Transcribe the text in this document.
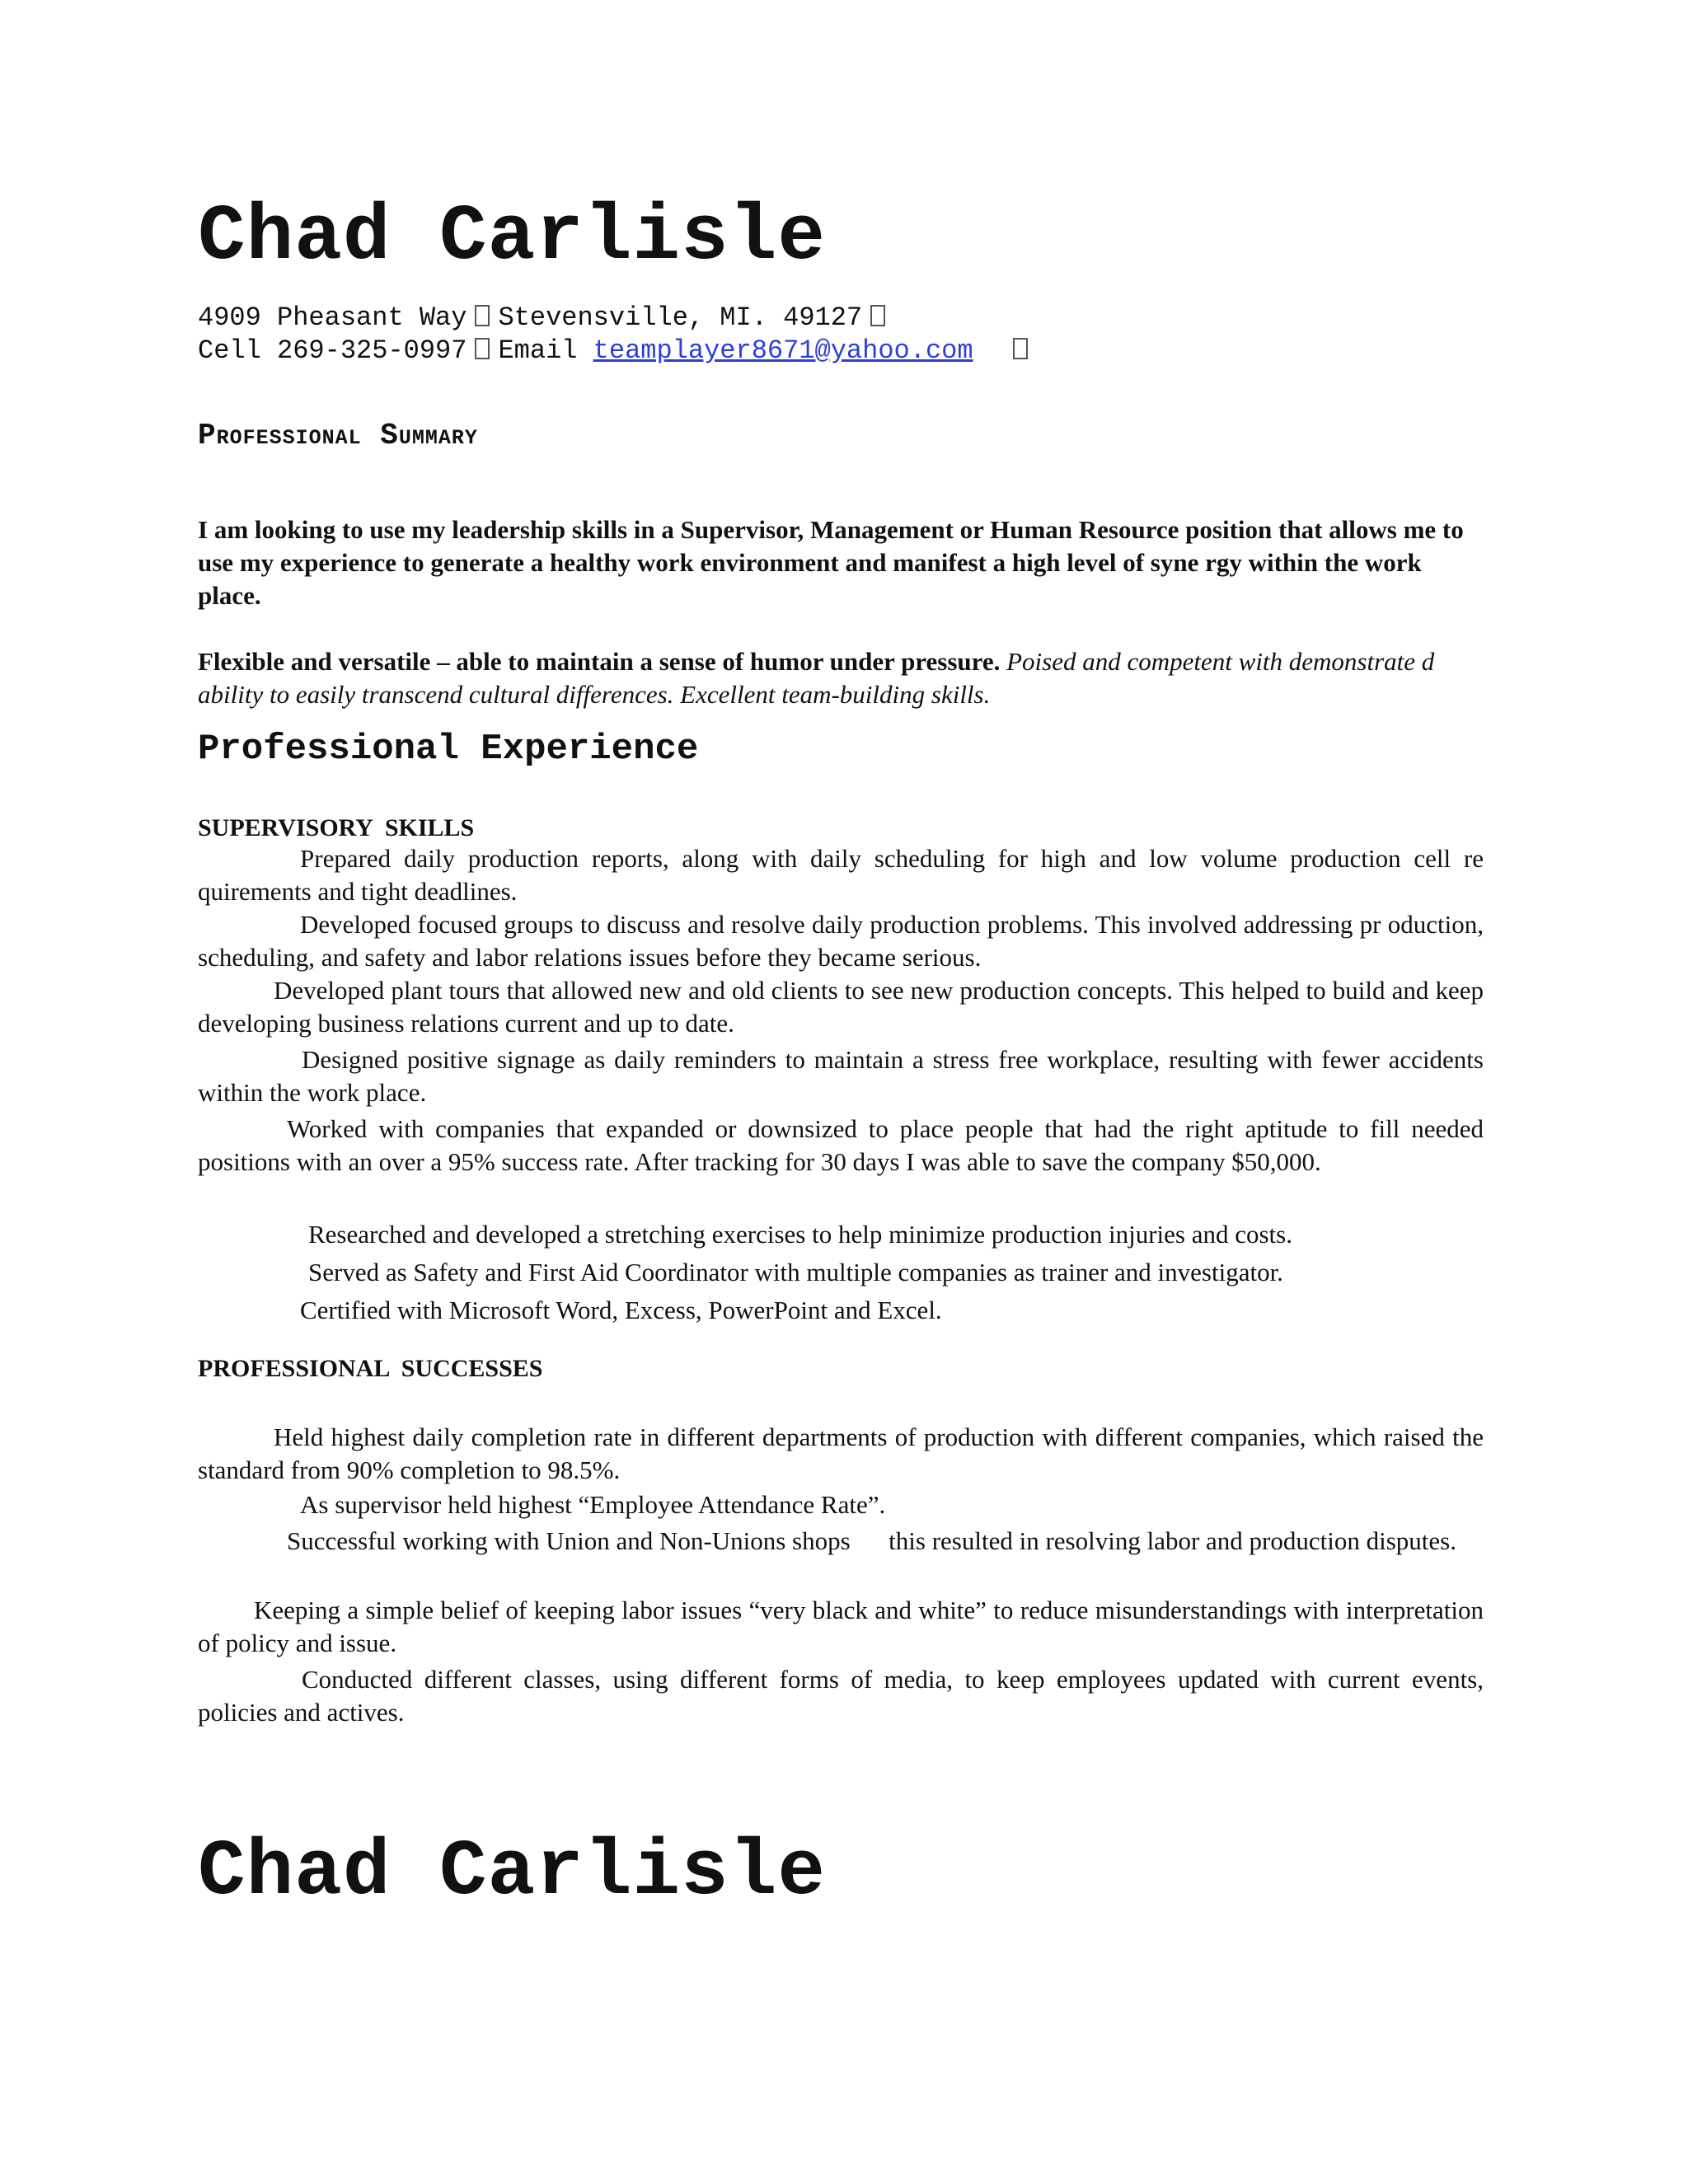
Chad Carlisle
4909 Pheasant Way Stevensville, MI. 49127
Cell 269-325-0997 Email teamplayer8671@yahoo.com
Professional Summary

I am looking to use my leadership skills in a Supervisor, Management or Human Resource position that allows me to use my experience to generate a healthy work environment and manifest a high level of syne rgy within the work place.

Flexible and versatile – able to maintain a sense of humor under pressure. Poised and competent with demonstrate d ability to easily transcend cultural differences. Excellent team-building skills.

Professional Experience
SUPERVISORY  SKILLS

Prepared daily production reports, along with daily scheduling for high and low volume production cell re quirements and tight deadlines.

Developed focused groups to discuss and resolve daily production problems. This involved addressing pr oduction, scheduling, and safety and labor relations issues before they became serious.

Developed plant tours that allowed new and old clients to see new production concepts. This helped to build and keep developing business relations current and up to date.

Designed positive signage as daily reminders to maintain a stress free workplace, resulting with fewer accidents within the work place.

Worked with companies that expanded or downsized to place people that had the right aptitude to fill needed positions with an over a 95% success rate. After tracking for 30 days I was able to save the company $50,000.

Researched and developed a stretching exercises to help minimize production injuries and costs.

Served as Safety and First Aid Coordinator with multiple companies as trainer and investigator.

Certified with Microsoft Word, Excess, PowerPoint and Excel.

PROFESSIONAL  SUCCESSES

Held highest daily completion rate in different departments of production with different companies, which raised the standard from 90% completion to 98.5%.

As supervisor held highest “Employee Attendance Rate”.

Successful working with Union and Non-Unions shops      this resulted in resolving labor and production disputes.

Keeping a simple belief of keeping labor issues “very black and white” to reduce misunderstandings with interpretation of policy and issue.

Conducted different classes, using different forms of media, to keep employees updated with current events, policies and actives.

Chad Carlisle
